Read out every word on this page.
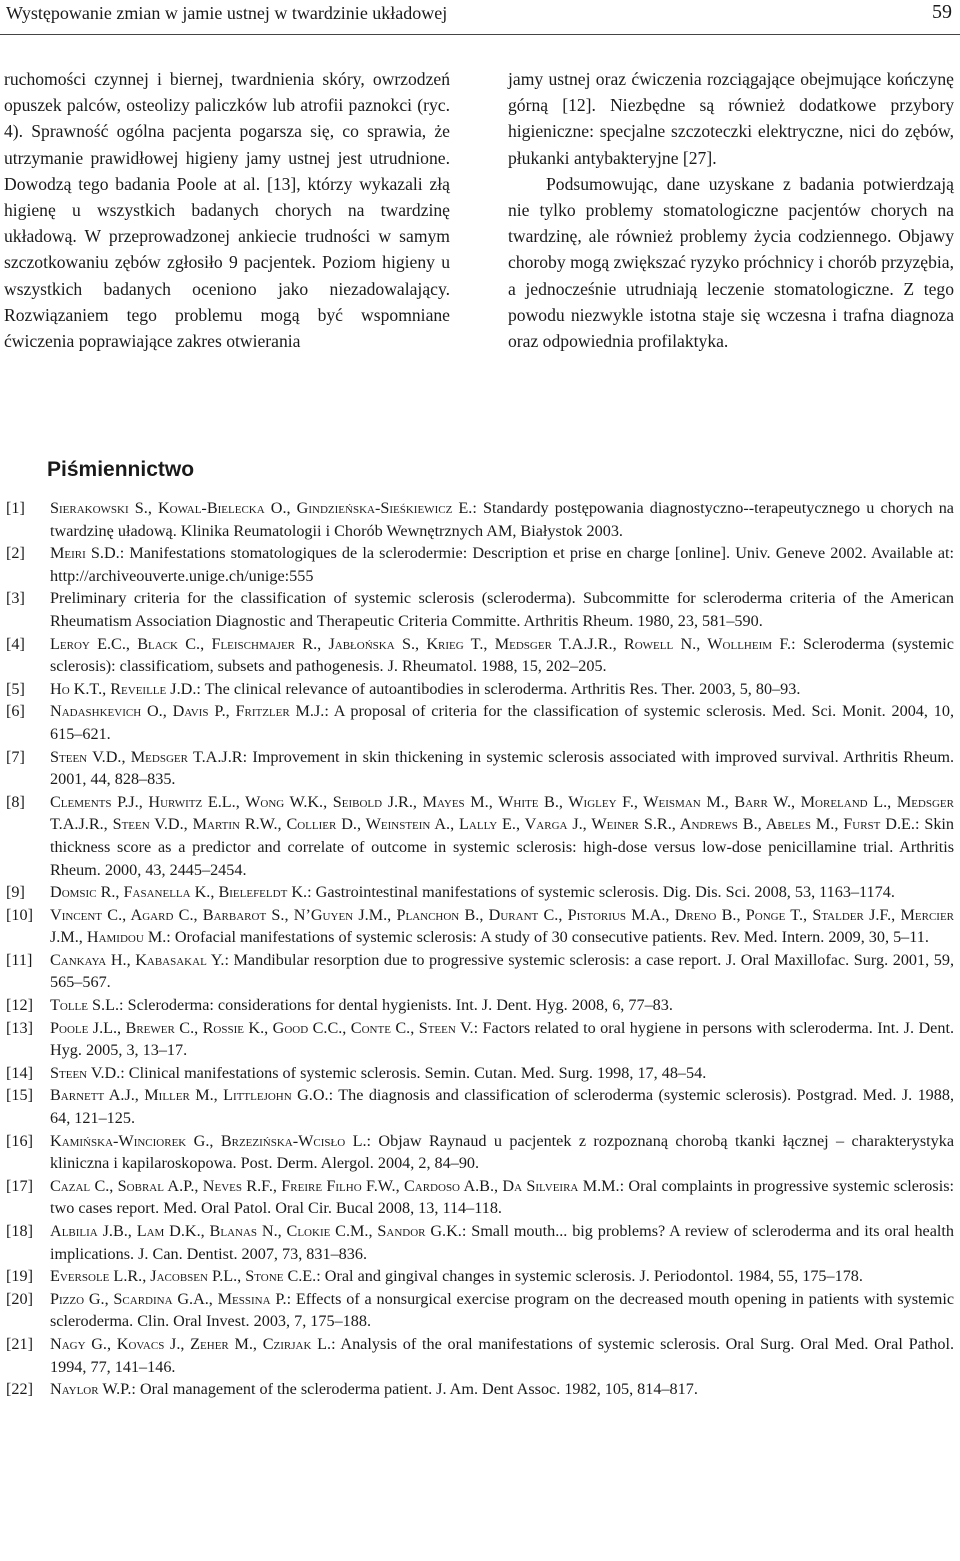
Występowanie zmian w jamie ustnej w twardzinie układowej	59

ruchomości czynnej i biernej, twardnienia skóry, owrzodzeń opuszek palców, osteolizy paliczków lub atrofii paznokci (ryc. 4). Sprawność ogólna pacjenta pogarsza się, co sprawia, że utrzymanie prawidłowej higieny jamy ustnej jest utrudnione. Dowodzą tego badania Poole at al. [13], którzy wykazali złą higienę u wszystkich badanych chorych na twardzinę układową. W przeprowadzonej ankiecie trudności w samym szczotkowaniu zębów zgłosiło 9 pacjentek. Poziom higieny u wszystkich badanych oceniono jako niezadowalający. Rozwiązaniem tego problemu mogą być wspomniane ćwiczenia poprawiające zakres otwierania

jamy ustnej oraz ćwiczenia rozciągające obejmujące kończynę górną [12]. Niezbędne są również dodatkowe przybory higieniczne: specjalne szczoteczki elektryczne, nici do zębów, płukanki antybakteryjne [27].

Podsumowując, dane uzyskane z badania potwierdzają nie tylko problemy stomatologiczne pacjentów chorych na twardzinę, ale również problemy życia codziennego. Objawy choroby mogą zwiększać ryzyko próchnicy i chorób przyzębia, a jednocześnie utrudniają leczenie stomatologiczne. Z tego powodu niezwykle istotna staje się wczesna i trafna diagnoza oraz odpowiednia profilaktyka.

Piśmiennictwo
[1] Sierakowski S., Kowal-Bielecka O., Gindzieńska-Sieśkiewicz E.: Standardy postępowania diagnostyczno--terapeutycznego u chorych na twardzinę uładową. Klinika Reumatologii i Chorób Wewnętrznych AM, Białystok 2003.
[2] Meiri S.D.: Manifestations stomatologiques de la sclerodermie: Description et prise en charge [online]. Univ. Geneve 2002. Available at: http://archiveouverte.unige.ch/unige:555
[3] Preliminary criteria for the classification of systemic sclerosis (scleroderma). Subcommitte for scleroderma criteria of the American Rheumatism Association Diagnostic and Therapeutic Criteria Committe. Arthritis Rheum. 1980, 23, 581–590.
[4] Leroy E.C., Black C., Fleischmajer R., Jabłońska S., Krieg T., Medsger T.A.J.R., Rowell N., Wollheim F.: Scleroderma (systemic sclerosis): classificatiom, subsets and pathogenesis. J. Rheumatol. 1988, 15, 202–205.
[5] Ho K.T., Reveille J.D.: The clinical relevance of autoantibodies in scleroderma. Arthritis Res. Ther. 2003, 5, 80–93.
[6] Nadashkevich O., Davis P., Fritzler M.J.: A proposal of criteria for the classification of systemic sclerosis. Med. Sci. Monit. 2004, 10, 615–621.
[7] Steen V.D., Medsger T.A.J.R: Improvement in skin thickening in systemic sclerosis associated with improved survival. Arthritis Rheum. 2001, 44, 828–835.
[8] Clements P.J., Hurwitz E.L., Wong W.K., Seibold J.R., Mayes M., White B., Wigley F., Weisman M., Barr W., Moreland L., Medsger T.A.J.R., Steen V.D., Martin R.W., Collier D., Weinstein A., Lally E., Varga J., Weiner S.R., Andrews B., Abeles M., Furst D.E.: Skin thickness score as a predictor and correlate of outcome in systemic sclerosis: high-dose versus low-dose penicillamine trial. Arthritis Rheum. 2000, 43, 2445–2454.
[9] Domsic R., Fasanella K., Bielefeldt K.: Gastrointestinal manifestations of systemic sclerosis. Dig. Dis. Sci. 2008, 53, 1163–1174.
[10] Vincent C., Agard C., Barbarot S., N’Guyen J.M., Planchon B., Durant C., Pistorius M.A., Dreno B., Ponge T., Stalder J.F., Mercier J.M., Hamidou M.: Orofacial manifestations of systemic sclerosis: A study of 30 consecutive patients. Rev. Med. Intern. 2009, 30, 5–11.
[11] Cankaya H., Kabasakal Y.: Mandibular resorption due to progressive systemic sclerosis: a case report. J. Oral Maxillofac. Surg. 2001, 59, 565–567.
[12] Tolle S.L.: Scleroderma: considerations for dental hygienists. Int. J. Dent. Hyg. 2008, 6, 77–83.
[13] Poole J.L., Brewer C., Rossie K., Good C.C., Conte C., Steen V.: Factors related to oral hygiene in persons with scleroderma. Int. J. Dent. Hyg. 2005, 3, 13–17.
[14] Steen V.D.: Clinical manifestations of systemic sclerosis. Semin. Cutan. Med. Surg. 1998, 17, 48–54.
[15] Barnett A.J., Miller M., Littlejohn G.O.: The diagnosis and classification of scleroderma (systemic sclerosis). Postgrad. Med. J. 1988, 64, 121–125.
[16] Kamińska-Winciorek G., Brzezińska-Wcisło L.: Objaw Raynaud u pacjentek z rozpoznaną chorobą tkanki łącznej – charakterystyka kliniczna i kapilaroskopowa. Post. Derm. Alergol. 2004, 2, 84–90.
[17] Cazal C., Sobral A.P., Neves R.F., Freire Filho F.W., Cardoso A.B., Da Silveira M.M.: Oral complaints in progressive systemic sclerosis: two cases report. Med. Oral Patol. Oral Cir. Bucal 2008, 13, 114–118.
[18] Albilia J.B., Lam D.K., Blanas N., Clokie C.M., Sandor G.K.: Small mouth... big problems? A review of scleroderma and its oral health implications. J. Can. Dentist. 2007, 73, 831–836.
[19] Eversole L.R., Jacobsen P.L., Stone C.E.: Oral and gingival changes in systemic sclerosis. J. Periodontol. 1984, 55, 175–178.
[20] Pizzo G., Scardina G.A., Messina P.: Effects of a nonsurgical exercise program on the decreased mouth opening in patients with systemic scleroderma. Clin. Oral Invest. 2003, 7, 175–188.
[21] Nagy G., Kovacs J., Zeher M., Czirjak L.: Analysis of the oral manifestations of systemic sclerosis. Oral Surg. Oral Med. Oral Pathol. 1994, 77, 141–146.
[22] Naylor W.P.: Oral management of the scleroderma patient. J. Am. Dent Assoc. 1982, 105, 814–817.
